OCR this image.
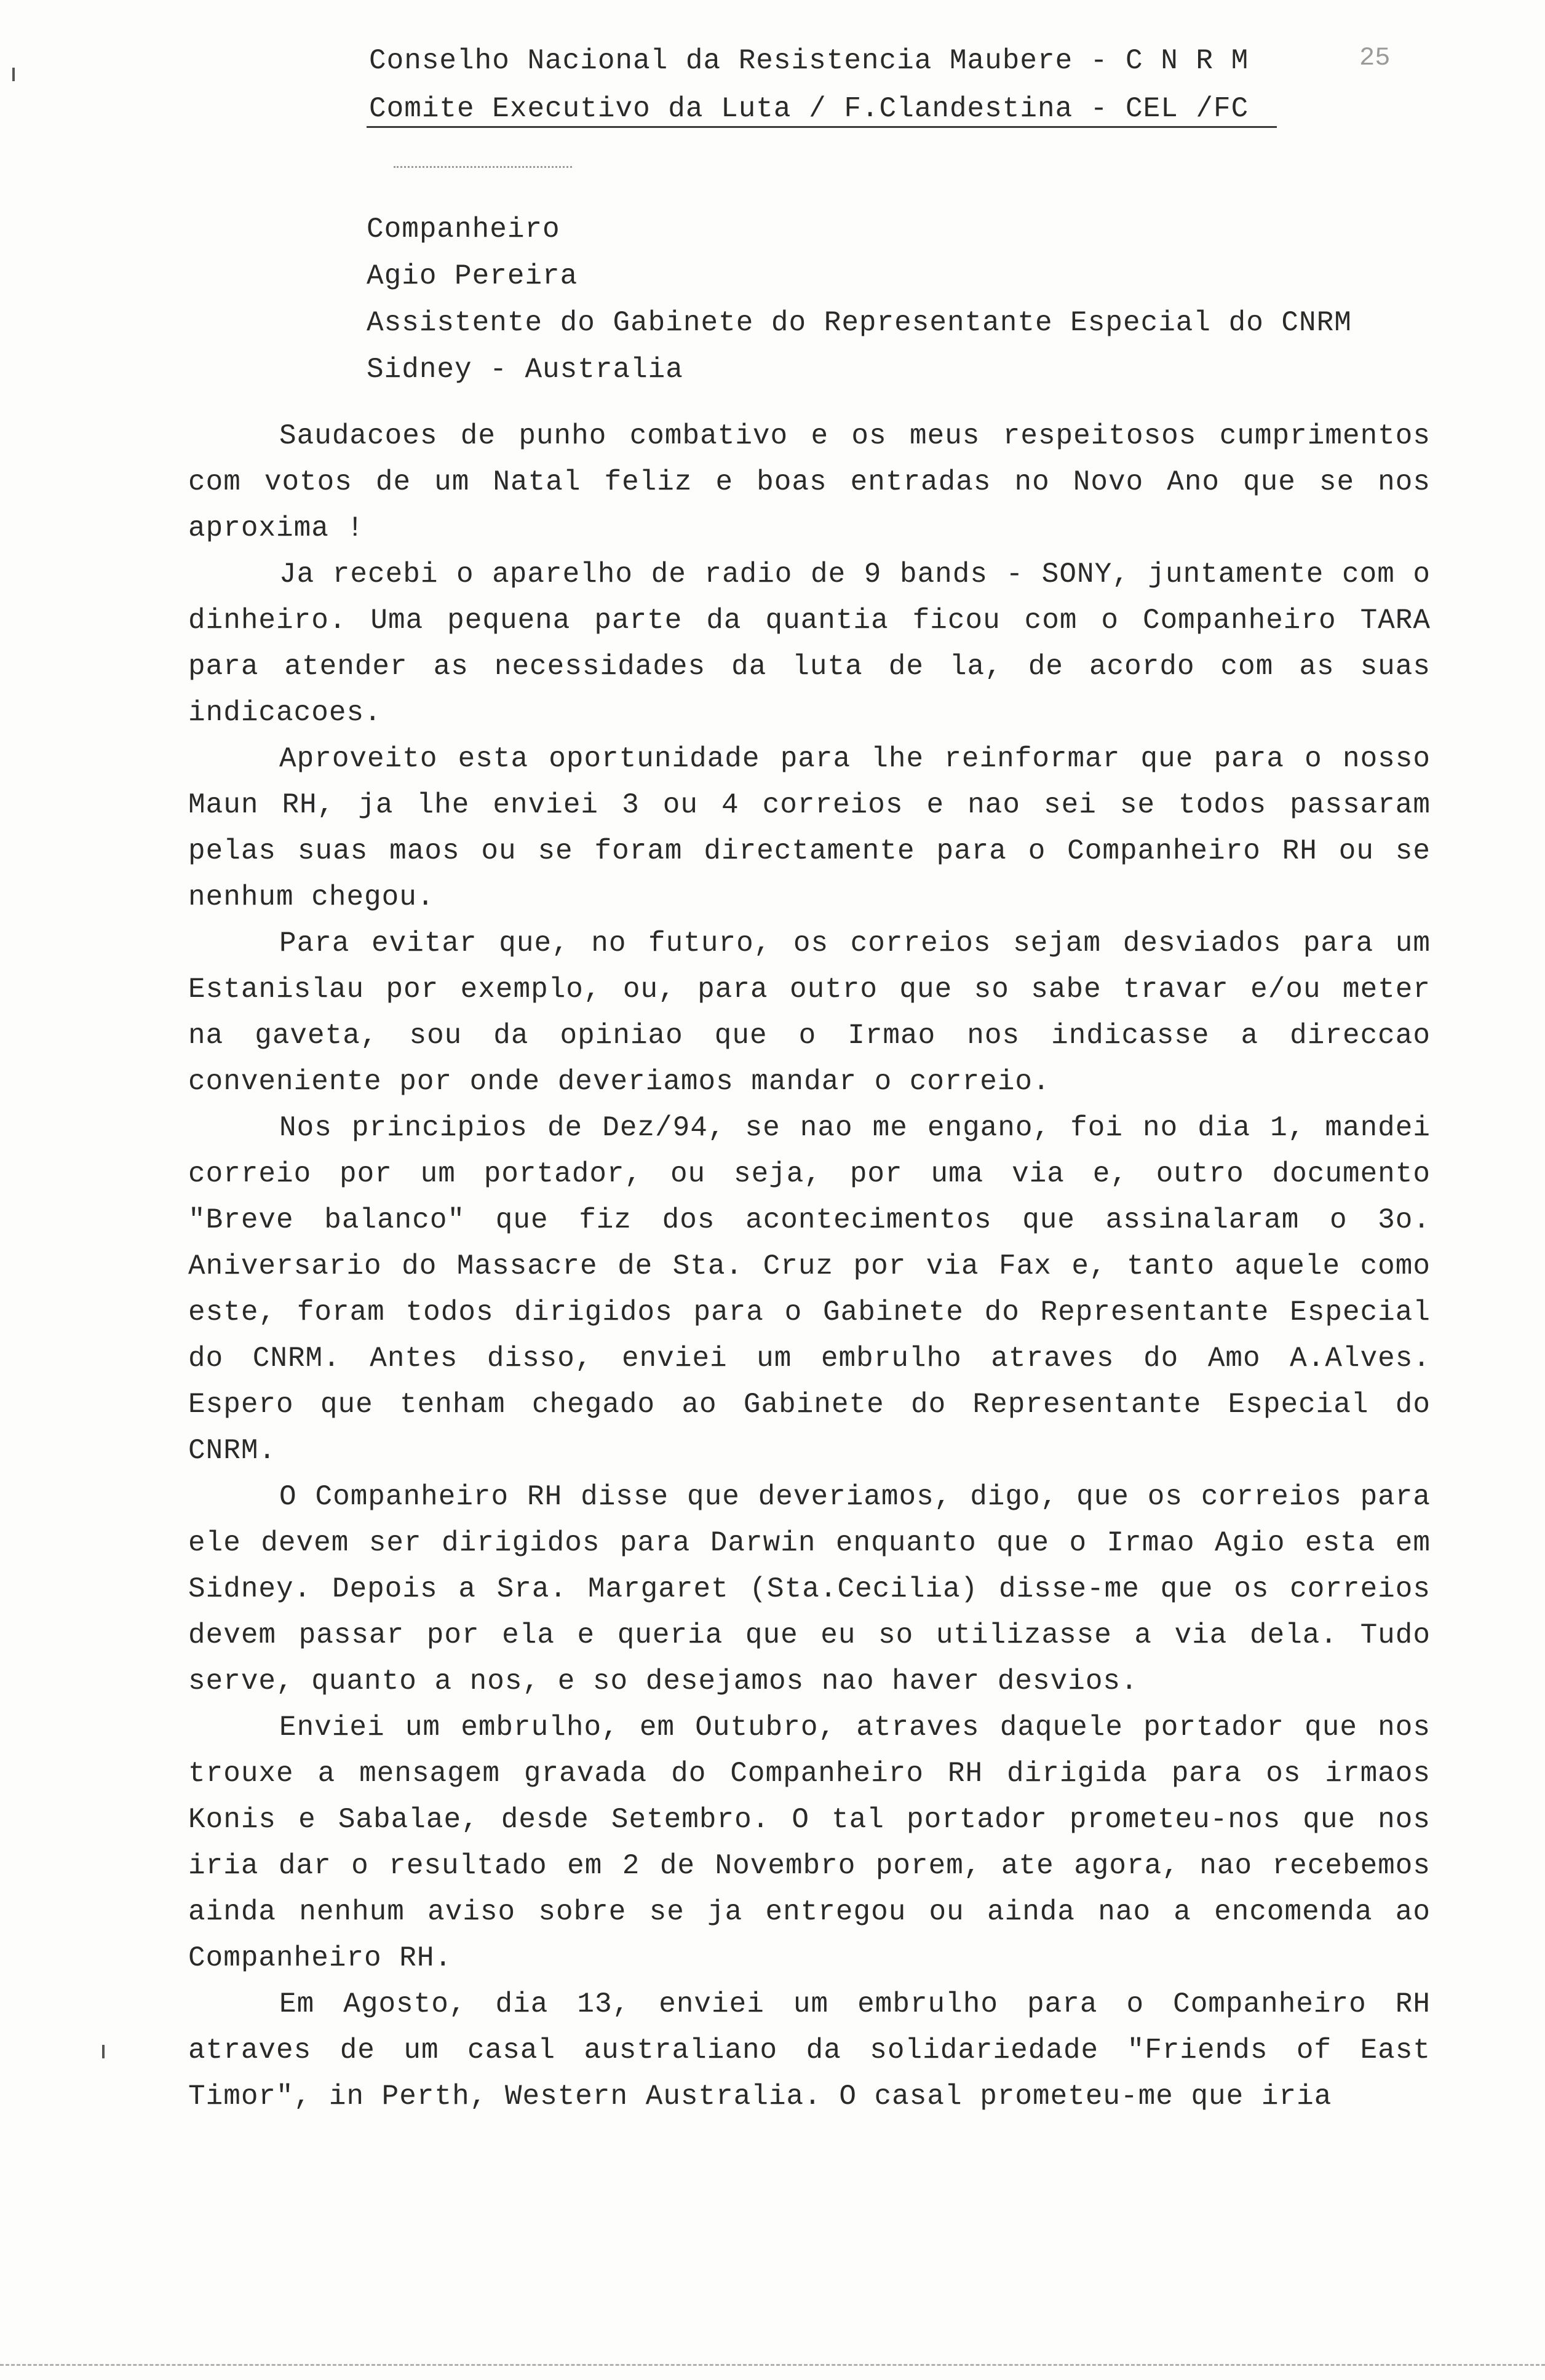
Conselho Nacional da Resistencia Maubere - C N R M
Comite Executivo da Luta / F.Clandestina - CEL /FC
25
Companheiro
Agio Pereira
Assistente do Gabinete do Representante Especial do CNRM
Sidney - Australia

Saudacoes de punho combativo e os meus respeitosos cumprimentos com votos de um Natal feliz e boas entradas no Novo Ano que se nos aproxima !

Ja recebi o aparelho de radio de 9 bands - SONY, juntamente com o dinheiro. Uma pequena parte da quantia ficou com o Companheiro TARA para atender as necessidades da luta de la, de acordo com as suas indicacoes.

Aproveito esta oportunidade para lhe reinformar que para o nosso Maun RH, ja lhe enviei 3 ou 4 correios e nao sei se todos passaram pelas suas maos ou se foram directamente para o Companheiro RH ou se nenhum chegou.

Para evitar que, no futuro, os correios sejam desviados para um Estanislau por exemplo, ou, para outro que so sabe travar e/ou meter na gaveta, sou da opiniao que o Irmao nos indicasse a direccao conveniente por onde deveriamos mandar o correio.

Nos principios de Dez/94, se nao me engano, foi no dia 1, mandei correio por um portador, ou seja, por uma via e, outro documento "Breve balanco" que fiz dos acontecimentos que assinalaram o 3o. Aniversario do Massacre de Sta. Cruz por via Fax e, tanto aquele como este, foram todos dirigidos para o Gabinete do Representante Especial do CNRM. Antes disso, enviei um embrulho atraves do Amo A.Alves. Espero que tenham chegado ao Gabinete do Representante Especial do CNRM.

O Companheiro RH disse que deveriamos, digo, que os correios para ele devem ser dirigidos para Darwin enquanto que o Irmao Agio esta em Sidney. Depois a Sra. Margaret (Sta.Cecilia) disse-me que os correios devem passar por ela e queria que eu so utilizasse a via dela. Tudo serve, quanto a nos, e so desejamos nao haver desvios.

Enviei um embrulho, em Outubro, atraves daquele portador que nos trouxe a mensagem gravada do Companheiro RH dirigida para os irmaos Konis e Sabalae, desde Setembro. O tal portador prometeu-nos que nos iria dar o resultado em 2 de Novembro porem, ate agora, nao recebemos ainda nenhum aviso sobre se ja entregou ou ainda nao a encomenda ao Companheiro RH.

Em Agosto, dia 13, enviei um embrulho para o Companheiro RH atraves de um casal australiano da solidariedade "Friends of East Timor", in Perth, Western Australia. O casal prometeu-me que iria
